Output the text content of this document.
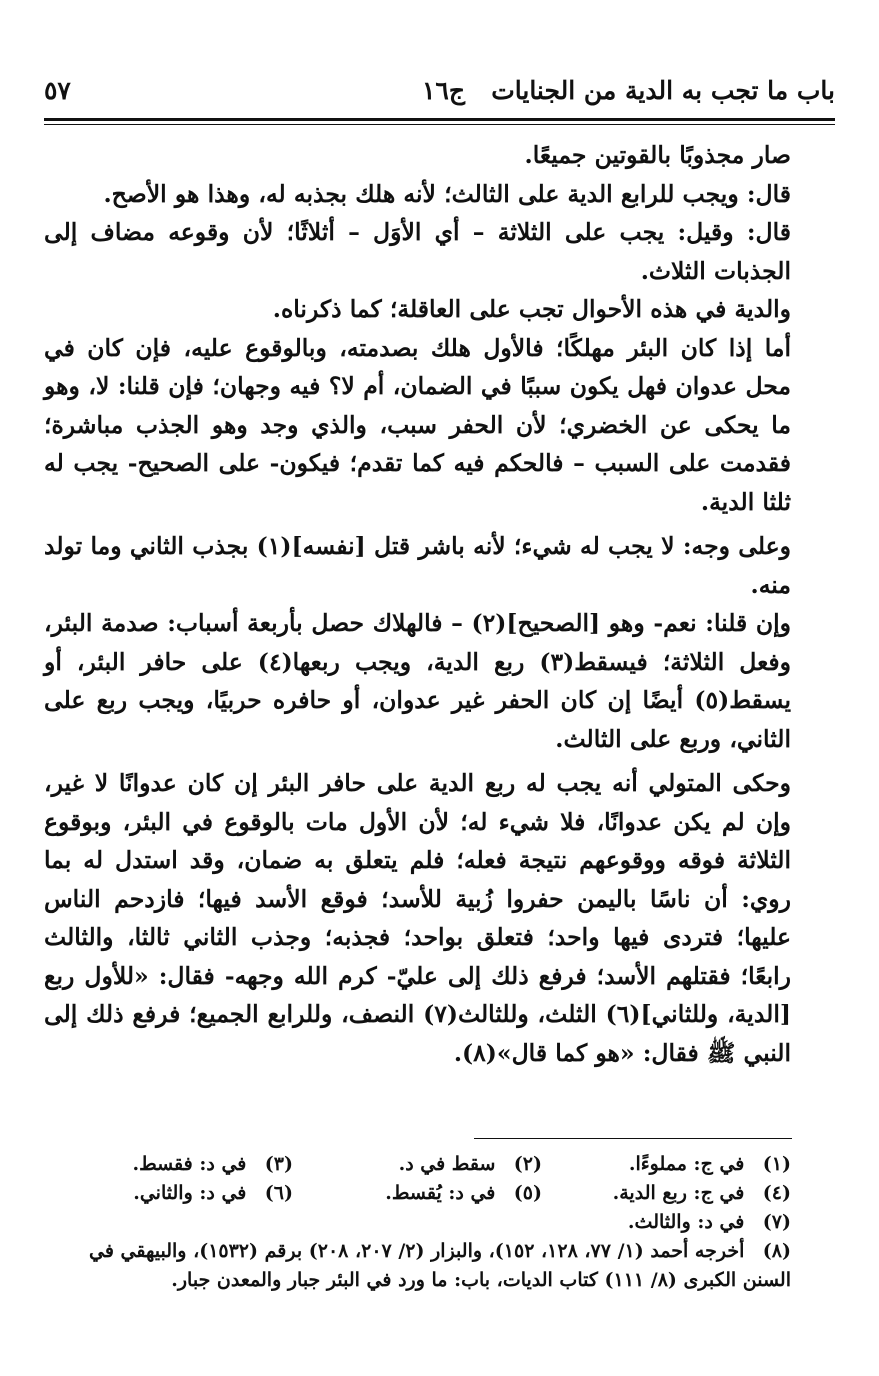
باب ما تجب به الدية من الجنايات
ج١٦
٥٧

صار مجذوبًا بالقوتين جميعًا.

قال: ويجب للرابع الدية على الثالث؛ لأنه هلك بجذبه له، وهذا هو الأصح.

قال: وقيل: يجب على الثلاثة – أي الأوَل – أثلاثًا؛ لأن وقوعه مضاف إلى الجذبات الثلاث.

والدية في هذه الأحوال تجب على العاقلة؛ كما ذكرناه.

أما إذا كان البئر مهلكًا؛ فالأول هلك بصدمته، وبالوقوع عليه، فإن كان في محل عدوان فهل يكون سببًا في الضمان، أم لا؟ فيه وجهان؛ فإن قلنا: لا، وهو ما يحكى عن الخضري؛ لأن الحفر سبب، والذي وجد وهو الجذب مباشرة؛ فقدمت على السبب – فالحكم فيه كما تقدم؛ فيكون- على الصحيح- يجب له ثلثا الدية.

وعلى وجه: لا يجب له شيء؛ لأنه باشر قتل [نفسه](١) بجذب الثاني وما تولد منه.

وإن قلنا: نعم- وهو [الصحيح](٢) – فالهلاك حصل بأربعة أسباب: صدمة البئر، وفعل الثلاثة؛ فيسقط(٣) ربع الدية، ويجب ربعها(٤) على حافر البئر، أو يسقط(٥) أيضًا إن كان الحفر غير عدوان، أو حافره حربيًا، ويجب ربع على الثاني، وربع على الثالث.

وحكى المتولي أنه يجب له ربع الدية على حافر البئر إن كان عدوانًا لا غير، وإن لم يكن عدوانًا، فلا شيء له؛ لأن الأول مات بالوقوع في البئر، وبوقوع الثلاثة فوقه ووقوعهم نتيجة فعله؛ فلم يتعلق به ضمان، وقد استدل له بما روي: أن ناسًا باليمن حفروا زُبية للأسد؛ فوقع الأسد فيها؛ فازدحم الناس عليها؛ فتردى فيها واحد؛ فتعلق بواحد؛ فجذبه؛ وجذب الثاني ثالثا، والثالث رابعًا؛ فقتلهم الأسد؛ فرفع ذلك إلى عليّ- كرم الله وجهه- فقال: «للأول ربع [الدية، وللثاني](٦) الثلث، وللثالث(٧) النصف، وللرابع الجميع؛ فرفع ذلك إلى النبي ﷺ فقال: «هو كما قال»(٨).

(١) في ج: مملوءًا.
(٢) سقط في د.
(٣) في د: فقسط.
(٤) في ج: ربع الدية.
(٥) في د: يُقسط.
(٦) في د: والثاني.
(٧) في د: والثالث.
(٨) أخرجه أحمد (١/ ٧٧، ١٢٨، ١٥٢)، والبزار (٢/ ٢٠٧، ٢٠٨) برقم (١٥٣٢)، والبيهقي في السنن الكبرى (٨/ ١١١) كتاب الديات، باب: ما ورد في البئر جبار والمعدن جبار.
